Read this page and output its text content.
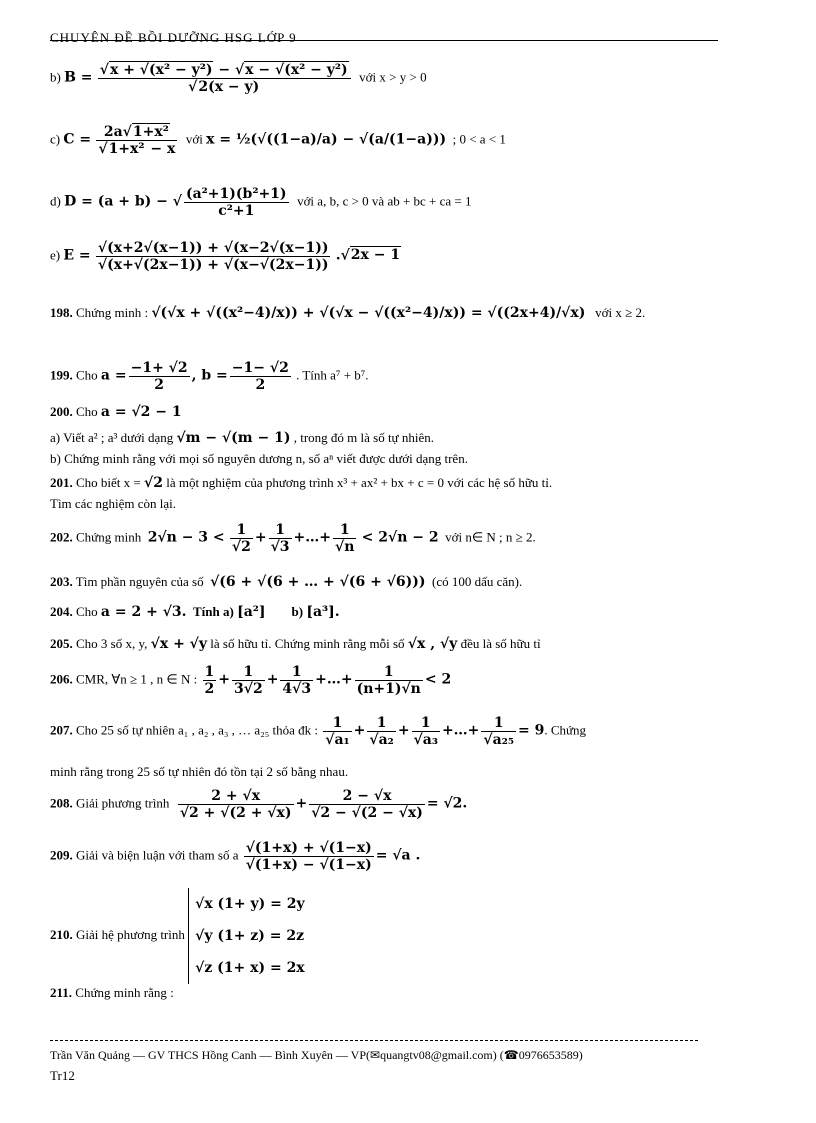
CHUYÊN ĐỀ BỒI DƯỠNG HSG LỚP 9
b) $B = \frac{\text{√x + √(x² − y²) − √x − √(x² − y²)}}{√2(x - y)}$ với x > y > 0
c) $C = \frac{\text{2a√1+x²}}{\text{√1+x² − x}}$ với x = ½(√((1−a)/a) − √(a/(1−a))) ; 0 < a < 1
d) D = (a + b) − √ $\frac{\text{(a²+1)(b²+1)}}{\text{c²+1}}$ với a, b, c > 0 và ab + bc + ca = 1
e) $E = \frac{√(x+2√(x-1)) + √(x-2√(x-1))}{√(x+√(2x-1)) + √(x-√(2x-1))} .√2x - 1$
198. Chứng minh : √(√x + √((x²−4)/x)) + √(√x − √((x²−4)/x)) = √((2x+4)/√x) với x ≥ 2.
199. Cho $a = \frac{-1+ √2}{2}$ , $b = \frac{-1- √2}{2}$ . Tính a⁷ + b⁷.
200. Cho a = √2 − 1
a) Viết a² ; a³ dưới dạng √m − √(m − 1) , trong đó m là số tự nhiên.
b) Chứng minh rằng với mọi số nguyên dương n, số aⁿ viết được dưới dạng trên.
201. Cho biết x = √2 là một nghiệm của phương trình x³ + ax² + bx + c = 0 với các hệ số hữu tỉ.
Tìm các nghiệm còn lại.
202. Chứng minh $2√n - 3 < \frac{1}{√2} + \frac{1}{√3}$ +…+ $\frac{1}{√n} < 2√n - 2$ với n∈ N ; n ≥ 2.
203. Tìm phần nguyên của số √(6 + √(6 + … + √(6 + √6))) (có 100 dấu căn).
204. Cho a = 2 + √3. Tính a) [a²] b) [a³].
205. Cho 3 số x, y, √x + √y là số hữu tỉ. Chứng minh rằng mỗi số √x , √y đều là số hữu tỉ
206. CMR, ∀n ≥ 1 , n ∈ N : $\frac{1}{2} + \frac{1}{3√2} + \frac{1}{4√3}$ +…+ $\frac{1}{(n+1)√n} < 2$
207. Cho 25 số tự nhiên a₁ , a₂ , a₃ , … a₂₅ thỏa đk : $\frac{1}{\text{√a₁}} + \frac{1}{\text{√a₂}} + \frac{1}{\text{√a₃}}$ +…+ $\frac{1}{\text{√a₂₅}} = 9$. Chứng
minh rằng trong 25 số tự nhiên đó tồn tại 2 số bằng nhau.
208. Giải phương trình $\frac{2 + √x}{√2 + √(2 + √x)} + \frac{2 - √x}{√2 - √(2 - √x)} = √2$.
209. Giải và biện luận với tham số a $\frac{√(1+x) + √(1-x)}{√(1+x) - √(1-x)} = √a$ .
210. Giải hệ phương trình
√x (1+ y) = 2y
√y (1+ z) = 2z
√z (1+ x) = 2x
211. Chứng minh rằng :
Trần Văn Quảng — GV THCS Hồng Canh — Bình Xuyên — VP(✉quangtv08@gmail.com) (☎0976653589)
Tr12
